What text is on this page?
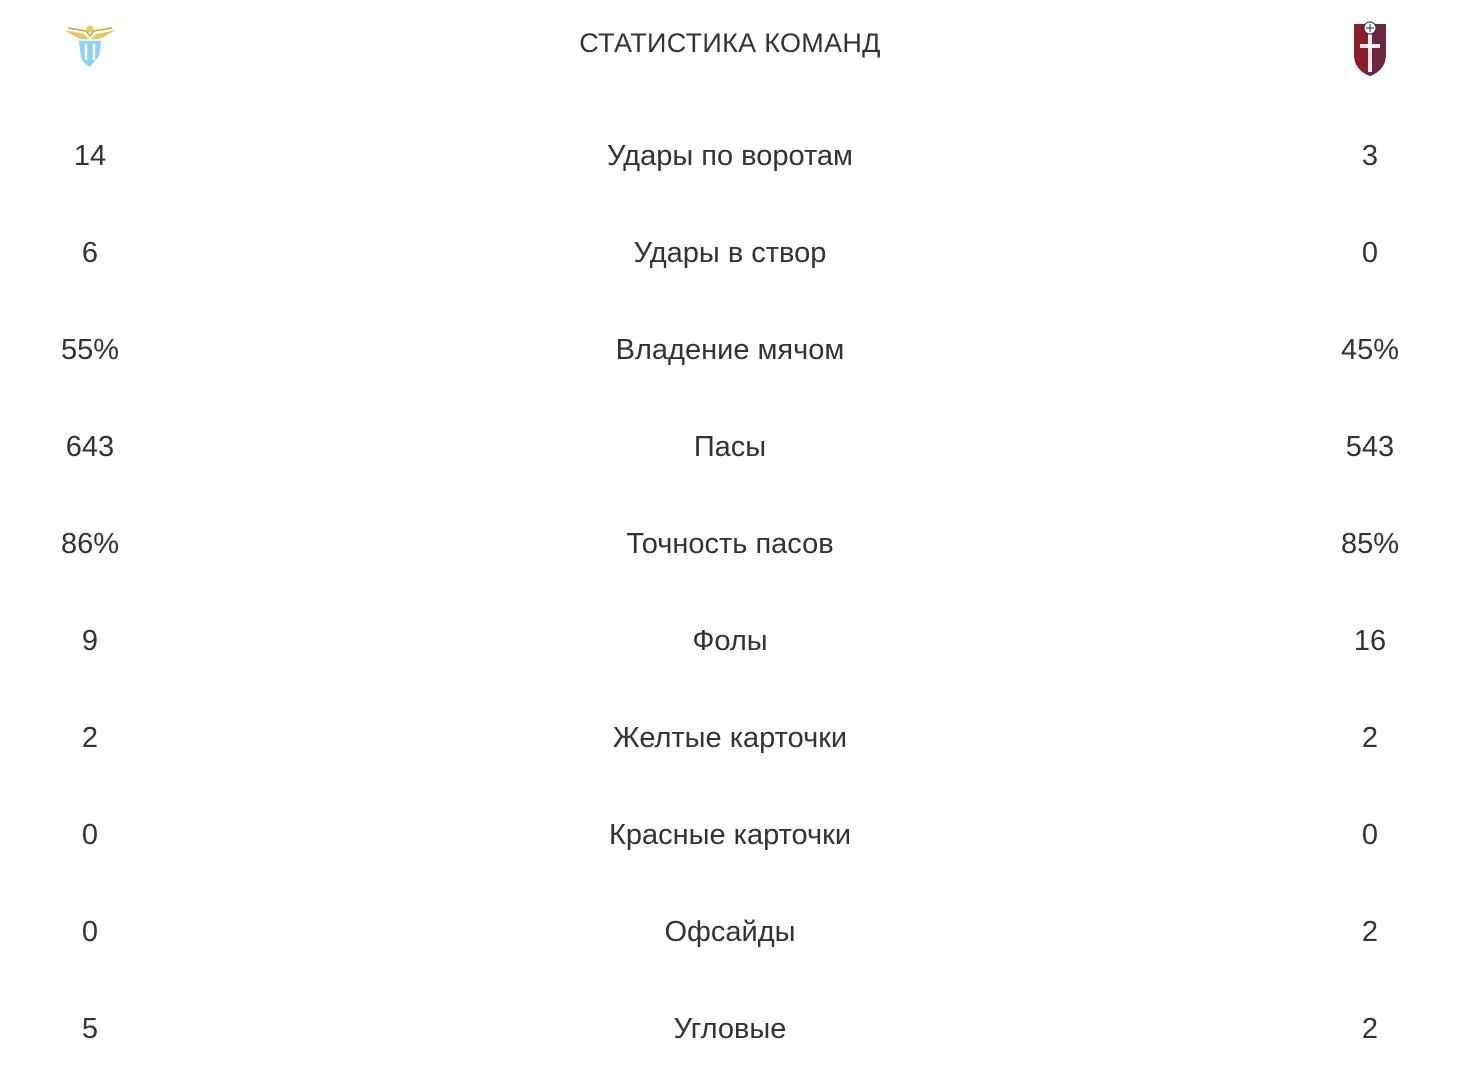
СТАТИСТИКА КОМАНД
14	Удары по воротам	3
6	Удары в створ	0
55%	Владение мячом	45%
643	Пасы	543
86%	Точность пасов	85%
9	Фолы	16
2	Желтые карточки	2
0	Красные карточки	0
0	Офсайды	2
5	Угловые	2
